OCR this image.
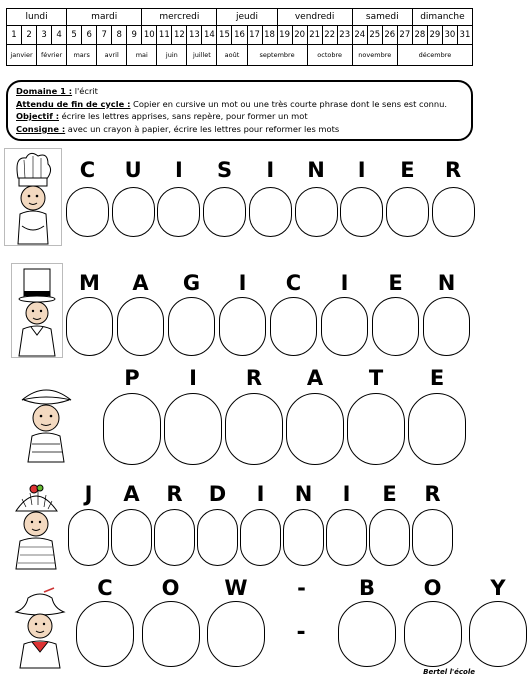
lundi				mardi					mercredi					jeudi				vendredi					samedi				dimanche			
1	2	3	4	5	6	7	8	9	10	11	12	13	14	15	16	17	18	19	20	21	22	23	24	25	26	27	28	29	30	31
janvier		février		mars		avril		mai		juin		juillet		août		septembre				octobre			novembre			décembre				
Domaine 1 : l'écrit
Attendu de fin de cycle : Copier en cursive un mot ou une très courte phrase dont le sens est connu.
Objectif : écrire les lettres apprises, sans repère, pour former un mot
Consigne : avec un crayon à papier, écrire les lettres pour reformer les mots
C	U	I	S	I	N	I	E	R
M	A	G	I	C	I	E	N
P	I	R	A	T	E
J	A	R	D	I	N	I	E	R
C	O W	-
-
B	O	Y
Bertel l'école
